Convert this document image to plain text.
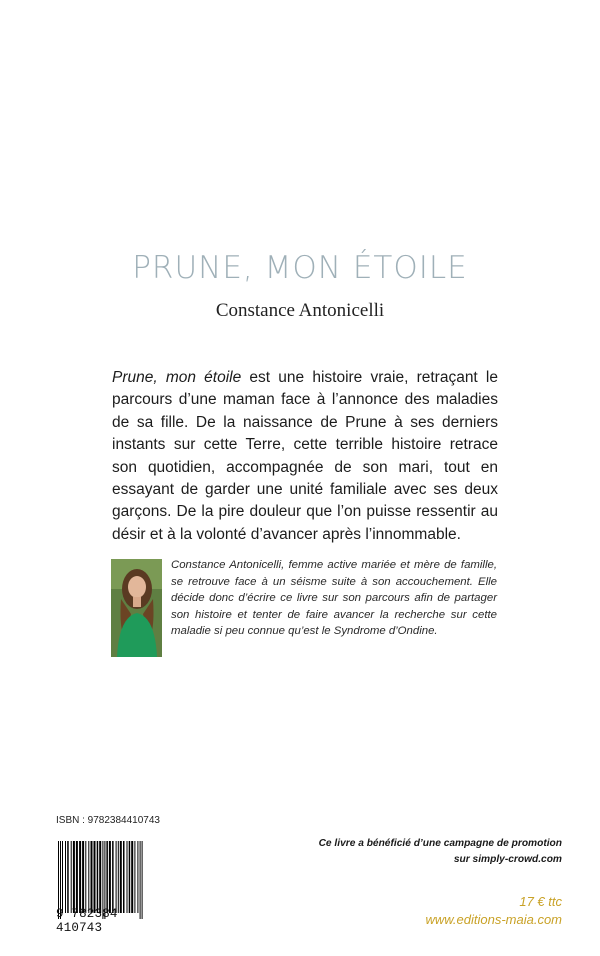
PRUNE, MON ÉTOILE
Constance Antonicelli

Prune, mon étoile est une histoire vraie, retraçant le parcours d’une maman face à l’annonce des maladies de sa fille. De la naissance de Prune à ses derniers instants sur cette Terre, cette terrible histoire retrace son quotidien, accompagnée de son mari, tout en essayant de garder une unité familiale avec ses deux garçons. De la pire douleur que l’on puisse ressentir au désir et à la volonté d’avancer après l’innommable.

Constance Antonicelli, femme active mariée et mère de famille, se retrouve face à un séisme suite à son accouchement. Elle décide donc d’écrire ce livre sur son parcours afin de partager son histoire et tenter de faire avancer la recherche sur cette maladie si peu connue qu’est le Syndrome d’Ondine.

ISBN : 9782384410743
9 782384 410743
Ce livre a bénéficié d’une campagne de promotion
sur simply-crowd.com
17 € ttc
www.editions-maia.com
